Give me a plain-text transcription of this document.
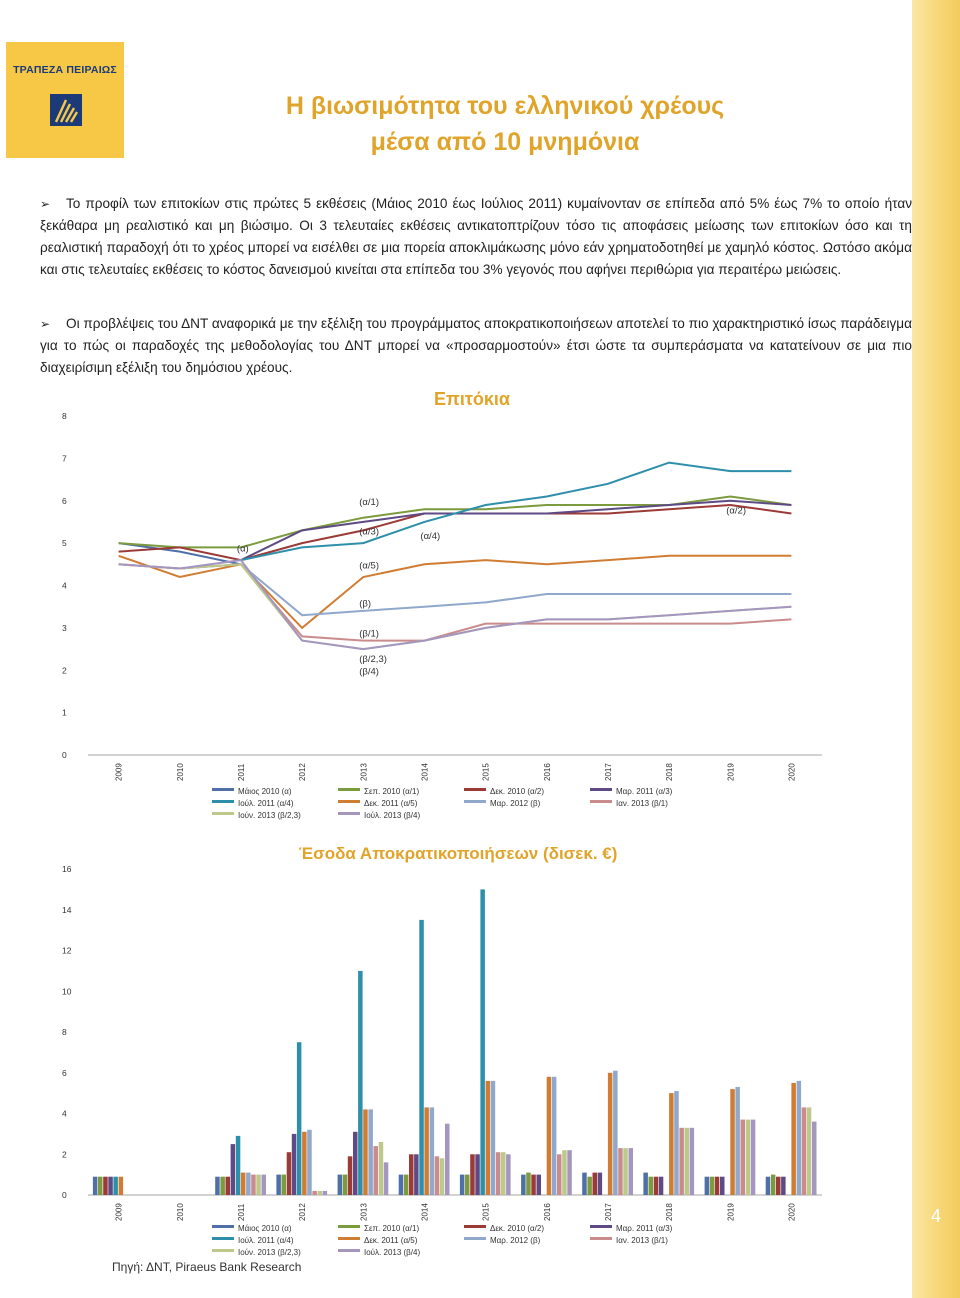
4
ΤΡΑΠΕΖΑ ΠΕΙΡΑΙΩΣ
Η βιωσιμότητα του ελληνικού χρέους
μέσα από 10 μνημόνια
➢	Το προφίλ των επιτοκίων στις πρώτες 5 εκθέσεις (Μάιος 2010 έως Ιούλιος 2011) κυμαίνονταν σε επίπεδα από 5% έως 7% το οποίο ήταν ξεκάθαρα μη ρεαλιστικό και μη βιώσιμο. Οι 3 τελευταίες εκθέσεις αντικατοπτρίζουν τόσο τις αποφάσεις μείωσης των επιτοκίων όσο και τη ρεαλιστική παραδοχή ότι το χρέος μπορεί να εισέλθει σε μια πορεία αποκλιμάκωσης μόνο εάν χρηματοδοτηθεί με χαμηλό κόστος. Ωστόσο ακόμα και στις τελευταίες εκθέσεις το κόστος δανεισμού κινείται στα επίπεδα του 3% γεγονός που αφήνει περιθώρια για περαιτέρω μειώσεις.
➢	Οι προβλέψεις του ΔΝΤ αναφορικά με την εξέλιξη του προγράμματος αποκρατικοποιήσεων αποτελεί το πιο χαρακτηριστικό ίσως παράδειγμα για το πώς οι παραδοχές της μεθοδολογίας του ΔΝΤ μπορεί να «προσαρμοστούν» έτσι ώστε τα συμπεράσματα να κατατείνουν σε μια πιο διαχειρίσιμη εξέλιξη του δημόσιου χρέους.
Επιτόκια
0
1
2
3
4
5
6
7
8
2009	2010	2011	2012	2013	2014	2015	2016	2017	2018	2019	2020
(α)
(α/1)
(α/2)
(α/3)	(α/4)
(α/5)
(β)
(β/1)
(β/2,3)
(β/4)
Μάιος 2010 (α)	Σεπ. 2010 (α/1)	Δεκ. 2010 (α/2)	Μαρ. 2011 (α/3)
Ιούλ. 2011 (α/4)	Δεκ. 2011 (α/5)	Μαρ. 2012 (β)	Ιαν. 2013 (β/1)
Ιούν. 2013 (β/2,3)	Ιούλ. 2013 (β/4)
Έσοδα Αποκρατικοποιήσεων (δισεκ. €)
0
2
4
6
8
10
12
14
16
2009	2010	2011	2012	2013	2014	2015	2016	2017	2018	2019	2020
Μάιος 2010 (α)	Σεπ. 2010 (α/1)	Δεκ. 2010 (α/2)	Μαρ. 2011 (α/3)
Ιούλ. 2011 (α/4)	Δεκ. 2011 (α/5)	Μαρ. 2012 (β)	Ιαν. 2013 (β/1)
Ιούν. 2013 (β/2,3)	Ιούλ. 2013 (β/4)
Πηγή: ΔΝΤ, Piraeus Bank Research
